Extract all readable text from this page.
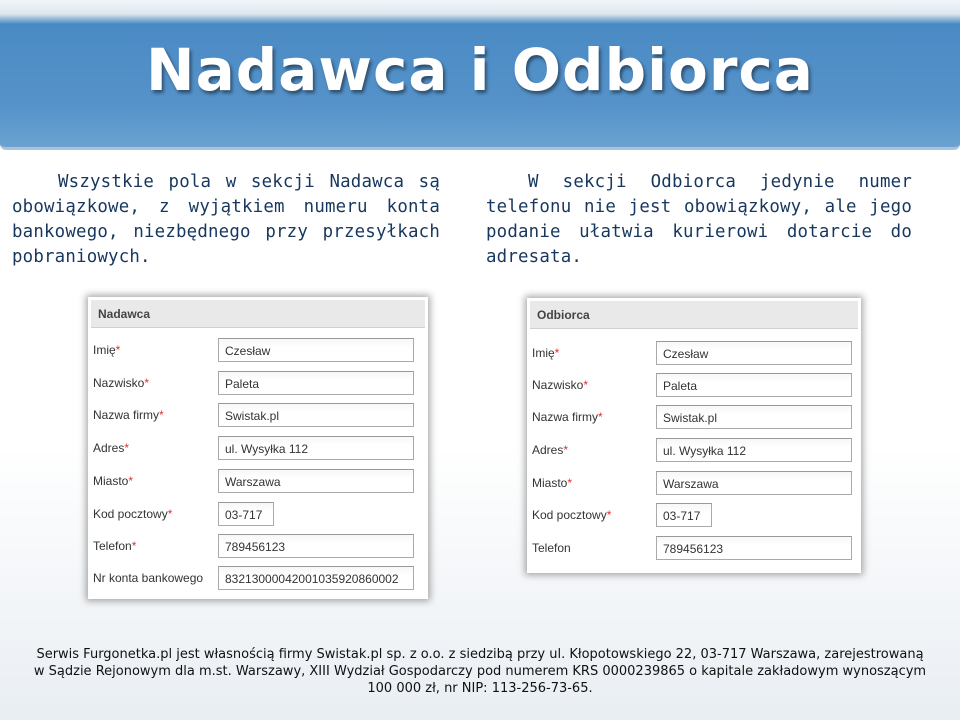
Nadawca i Odbiorca

Wszystkie pola w sekcji Nadawca są obowiązkowe, z wyjątkiem numeru konta bankowego, niezbędnego przy przesyłkach pobraniowych.

W sekcji Odbiorca jedynie numer telefonu nie jest obowiązkowy, ale jego podanie ułatwia kurierowi dotarcie do adresata.

Nadawca
Imię*	Czesław
Nazwisko*	Paleta
Nazwa firmy*	Swistak.pl
Adres*	ul. Wysyłka 112
Miasto*	Warszawa
Kod pocztowy*	03-717
Telefon*	789456123
Nr konta bankowego	83213000042001035920860002
Odbiorca
Imię*	Czesław
Nazwisko*	Paleta
Nazwa firmy*	Swistak.pl
Adres*	ul. Wysyłka 112
Miasto*	Warszawa
Kod pocztowy*	03-717
Telefon	789456123

Serwis Furgonetka.pl jest własnością firmy Swistak.pl sp. z o.o. z siedzibą przy ul. Kłopotowskiego 22, 03-717 Warszawa, zarejestrowaną w Sądzie Rejonowym dla m.st. Warszawy, XIII Wydział Gospodarczy pod numerem KRS 0000239865 o kapitale zakładowym wynoszącym 100 000 zł, nr NIP: 113-256-73-65.
